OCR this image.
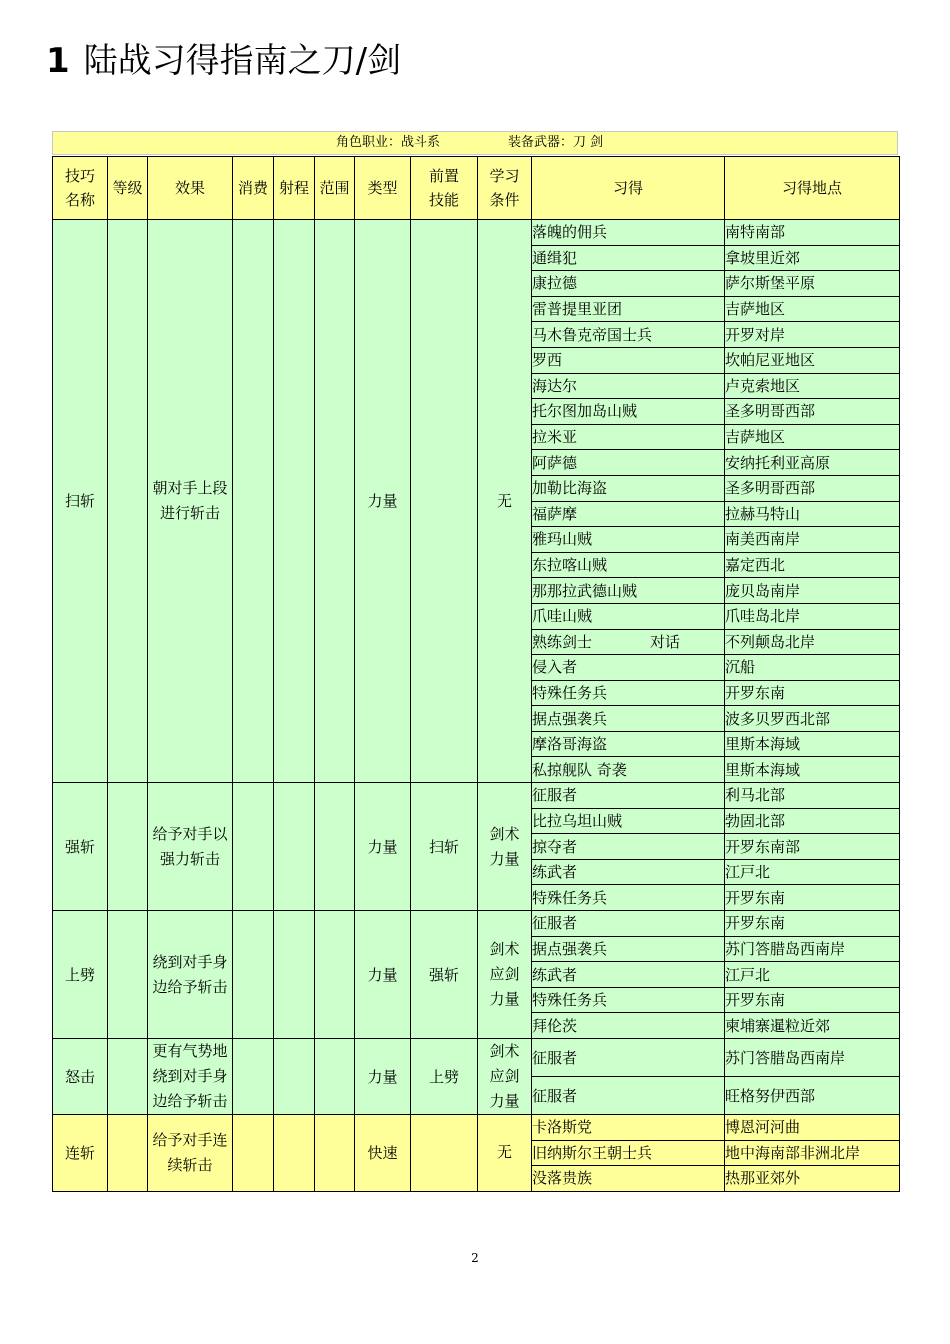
1 陆战习得指南之刀/剑
角色职业：战斗系	装备武器：刀 剑
技巧名称	等级	效果	消费	射程	范围	类型	前置技能	学习条件	习得	习得地点
扫斩		朝对手上段进行斩击				力量		无	落魄的佣兵	南特南部
									通缉犯	拿坡里近郊
									康拉德	萨尔斯堡平原
									雷普提里亚团	吉萨地区
									马木鲁克帝国士兵	开罗对岸
									罗西	坎帕尼亚地区
									海达尔	卢克索地区
									托尔图加岛山贼	圣多明哥西部
									拉米亚	吉萨地区
									阿萨德	安纳托利亚高原
									加勒比海盗	圣多明哥西部
									福萨摩	拉赫马特山
									雅玛山贼	南美西南岸
									东拉喀山贼	嘉定西北
									那那拉武德山贼	庞贝岛南岸
									爪哇山贼	爪哇岛北岸
									熟练剑士 对话	不列颠岛北岸
									侵入者	沉船
									特殊任务兵	开罗东南
									据点强袭兵	波多贝罗西北部
									摩洛哥海盗	里斯本海域
									私掠舰队 奇袭	里斯本海域
强斩		给予对手以强力斩击				力量	扫斩	剑术力量	征服者	利马北部
									比拉乌坦山贼	勃固北部
									掠夺者	开罗东南部
									练武者	江戸北
									特殊任务兵	开罗东南
上劈		绕到对手身边给予斩击				力量	强斩	剑术应剑力量	征服者	开罗东南
									据点强袭兵	苏门答腊岛西南岸
									练武者	江戸北
									特殊任务兵	开罗东南
									拜伦茨	柬埔寨暹粒近郊
怒击		更有气势地绕到对手身边给予斩击				力量	上劈	剑术应剑力量	征服者	苏门答腊岛西南岸
									征服者	旺格努伊西部
连斩		给予对手连续斩击				快速		无	卡洛斯党	博恩河河曲
									旧纳斯尔王朝士兵	地中海南部非洲北岸
									没落贵族	热那亚郊外
2
